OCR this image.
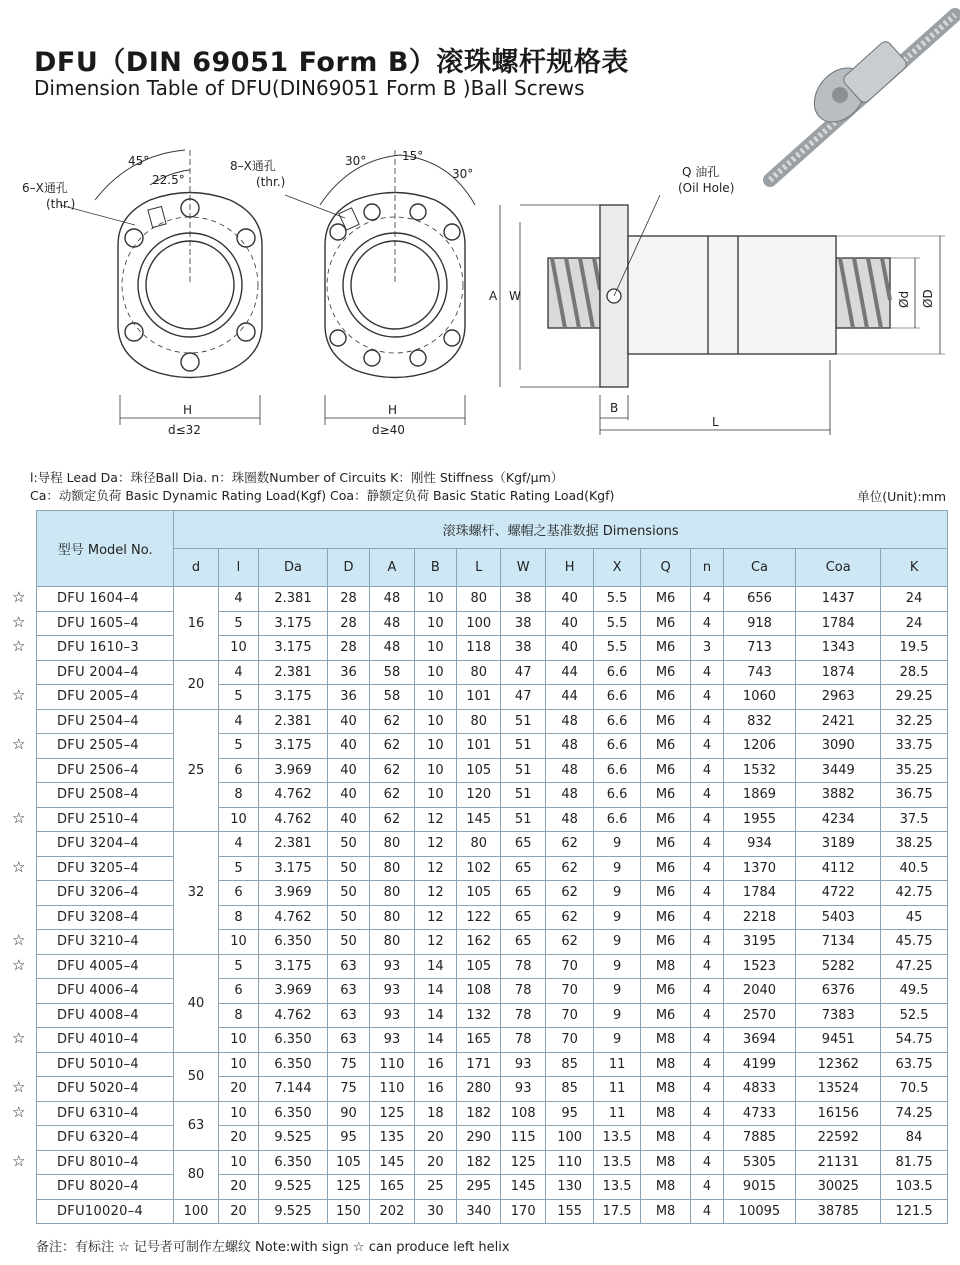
DFU（DIN 69051 Form B）滚珠螺杆规格表
Dimension Table of DFU(DIN69051 Form B )Ball Screws
45°
22.5°
6–X通孔
(thr.)
H
d≤32
8–X通孔
(thr.)
30°	15°
30°
H
d≥40
Q 油孔
(Oil Hole)
A W
B
L
Ød ØD
l:导程 Lead Da：珠径Ball Dia. n：珠圈数Number of Circuits K：刚性 Stiffness（Kgf/μm）
Ca：动额定负荷 Basic Dynamic Rating Load(Kgf) Coa：静额定负荷 Basic Static Rating Load(Kgf)	单位(Unit):mm
型号 Model No.	滚珠螺杆、螺帽之基准数据 Dimensions														
	d	l	Da	D	A	B	L	W	H	X	Q	n	Ca	Coa	K
DFU 1604–4	16	4	2.381	28	48	10	80	38	40	5.5	M6	4	656	1437	24
DFU 1605–4		5	3.175	28	48	10	100	38	40	5.5	M6	4	918	1784	24
DFU 1610–3		10	3.175	28	48	10	118	38	40	5.5	M6	3	713	1343	19.5
DFU 2004–4	20	4	2.381	36	58	10	80	47	44	6.6	M6	4	743	1874	28.5
DFU 2005–4		5	3.175	36	58	10	101	47	44	6.6	M6	4	1060	2963	29.25
DFU 2504–4	25	4	2.381	40	62	10	80	51	48	6.6	M6	4	832	2421	32.25
DFU 2505–4		5	3.175	40	62	10	101	51	48	6.6	M6	4	1206	3090	33.75
DFU 2506–4		6	3.969	40	62	10	105	51	48	6.6	M6	4	1532	3449	35.25
DFU 2508–4		8	4.762	40	62	10	120	51	48	6.6	M6	4	1869	3882	36.75
DFU 2510–4		10	4.762	40	62	12	145	51	48	6.6	M6	4	1955	4234	37.5
DFU 3204–4	32	4	2.381	50	80	12	80	65	62	9	M6	4	934	3189	38.25
DFU 3205–4		5	3.175	50	80	12	102	65	62	9	M6	4	1370	4112	40.5
DFU 3206–4		6	3.969	50	80	12	105	65	62	9	M6	4	1784	4722	42.75
DFU 3208–4		8	4.762	50	80	12	122	65	62	9	M6	4	2218	5403	45
DFU 3210–4		10	6.350	50	80	12	162	65	62	9	M6	4	3195	7134	45.75
DFU 4005–4	40	5	3.175	63	93	14	105	78	70	9	M8	4	1523	5282	47.25
DFU 4006–4		6	3.969	63	93	14	108	78	70	9	M6	4	2040	6376	49.5
DFU 4008–4		8	4.762	63	93	14	132	78	70	9	M6	4	2570	7383	52.5
DFU 4010–4		10	6.350	63	93	14	165	78	70	9	M8	4	3694	9451	54.75
DFU 5010–4	50	10	6.350	75	110	16	171	93	85	11	M8	4	4199	12362	63.75
DFU 5020–4		20	7.144	75	110	16	280	93	85	11	M8	4	4833	13524	70.5
DFU 6310–4	63	10	6.350	90	125	18	182	108	95	11	M8	4	4733	16156	74.25
DFU 6320–4		20	9.525	95	135	20	290	115	100	13.5	M8	4	7885	22592	84
DFU 8010–4	80	10	6.350	105	145	20	182	125	110	13.5	M8	4	5305	21131	81.75
DFU 8020–4		20	9.525	125	165	25	295	145	130	13.5	M8	4	9015	30025	103.5
DFU10020–4	100	20	9.525	150	202	30	340	170	155	17.5	M8	4	10095	38785	121.5
☆
☆
☆
☆
☆
☆
☆
☆
☆
☆
☆
☆
☆
备注：有标注 ☆ 记号者可制作左螺纹 Note:with sign ☆ can produce left helix
